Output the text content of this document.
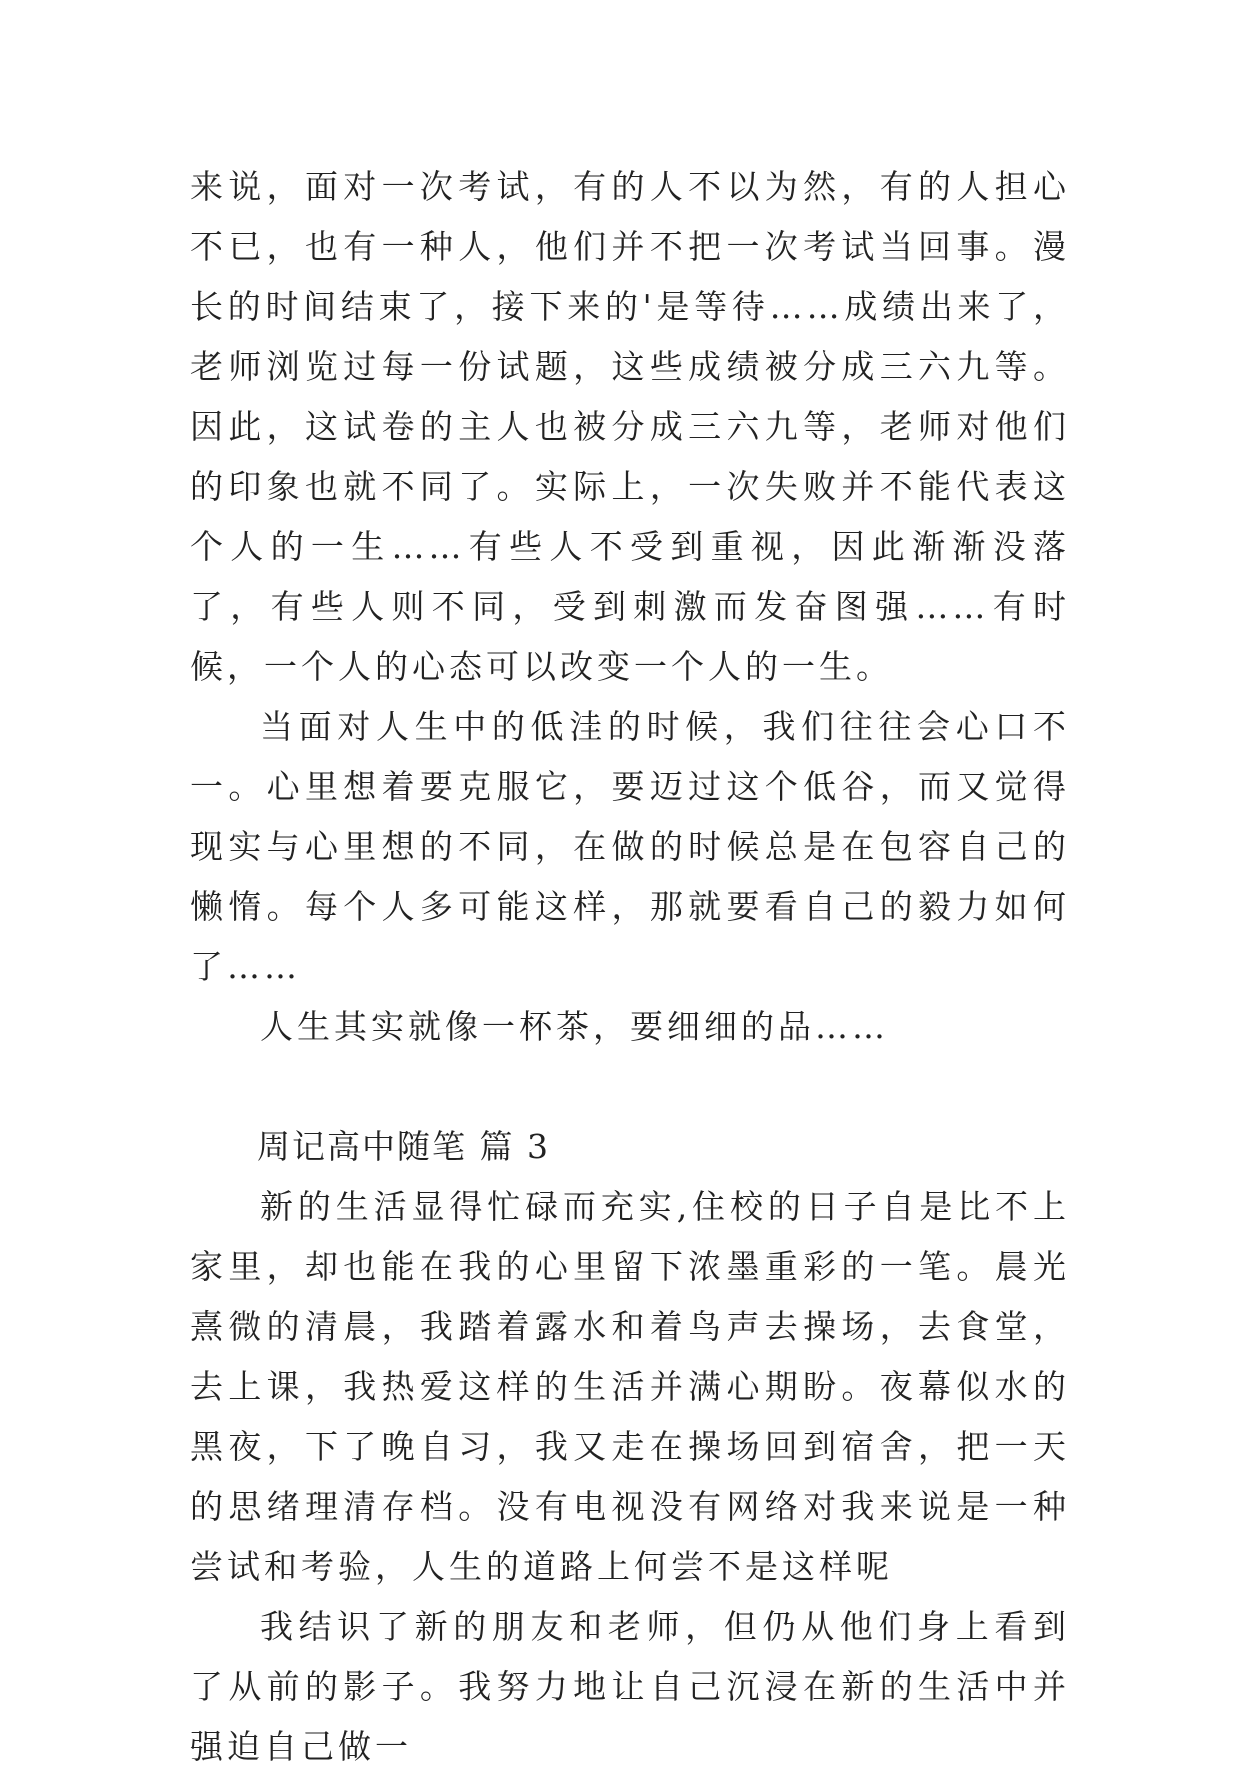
来说，面对一次考试，有的人不以为然，有的人担心不已，也有一种人，他们并不把一次考试当回事。漫长的时间结束了，接下来的'是等待……成绩出来了，老师浏览过每一份试题，这些成绩被分成三六九等。因此，这试卷的主人也被分成三六九等，老师对他们的印象也就不同了。实际上，一次失败并不能代表这个人的一生……有些人不受到重视，因此渐渐没落了，有些人则不同，受到刺激而发奋图强……有时候，一个人的心态可以改变一个人的一生。

当面对人生中的低洼的时候，我们往往会心口不一。心里想着要克服它，要迈过这个低谷，而又觉得现实与心里想的不同，在做的时候总是在包容自己的懒惰。每个人多可能这样，那就要看自己的毅力如何了……

人生其实就像一杯茶，要细细的品……

周记高中随笔 篇 3

新的生活显得忙碌而充实,住校的日子自是比不上家里，却也能在我的心里留下浓墨重彩的一笔。晨光熹微的清晨，我踏着露水和着鸟声去操场，去食堂，去上课，我热爱这样的生活并满心期盼。夜幕似水的黑夜，下了晚自习，我又走在操场回到宿舍，把一天的思绪理清存档。没有电视没有网络对我来说是一种尝试和考验，人生的道路上何尝不是这样呢

我结识了新的朋友和老师，但仍从他们身上看到了从前的影子。我努力地让自己沉浸在新的生活中并强迫自己做一
